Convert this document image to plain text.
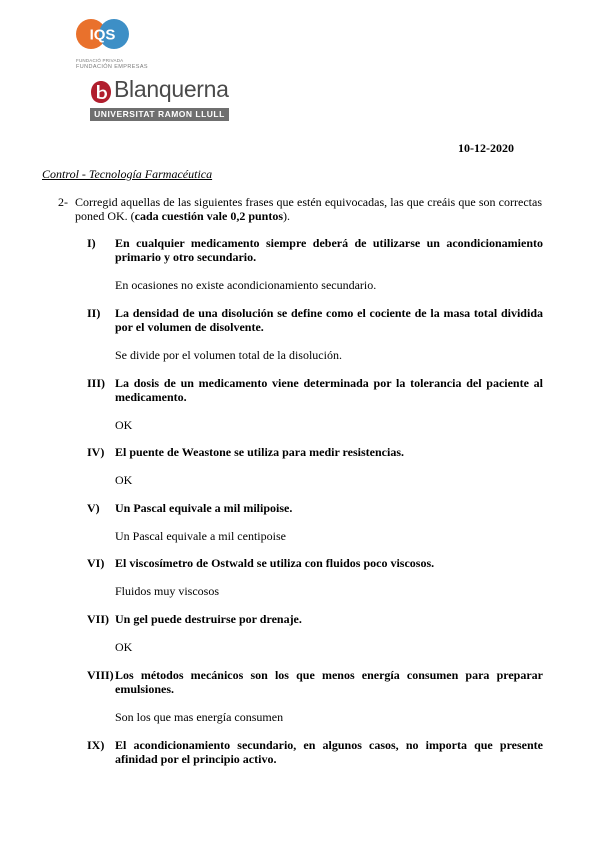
IQS
FUNDACIÓ PRIVADA
FUNDACIÓN EMPRESAS
Blanquerna
UNIVERSITAT RAMON LLULL
10-12-2020
Control - Tecnología Farmacéutica
2- Corregid aquellas de las siguientes frases que estén equivocadas, las que creáis que son correctas poned OK. (cada cuestión vale 0,2 puntos).
I) En cualquier medicamento siempre deberá de utilizarse un acondicionamiento primario y otro secundario.
En ocasiones no existe acondicionamiento secundario.
II) La densidad de una disolución se define como el cociente de la masa total dividida por el volumen de disolvente.
Se divide por el volumen total de la disolución.
III) La dosis de un medicamento viene determinada por la tolerancia del paciente al medicamento.
OK
IV) El puente de Weastone se utiliza para medir resistencias.
OK
V) Un Pascal equivale a mil milipoise.
Un Pascal equivale a mil centipoise
VI) El viscosímetro de Ostwald se utiliza con fluidos poco viscosos.
Fluidos muy viscosos
VII) Un gel puede destruirse por drenaje.
OK
VIII) Los métodos mecánicos son los que menos energía consumen para preparar emulsiones.
Son los que mas energía consumen
IX) El acondicionamiento secundario, en algunos casos, no importa que presente afinidad por el principio activo.
